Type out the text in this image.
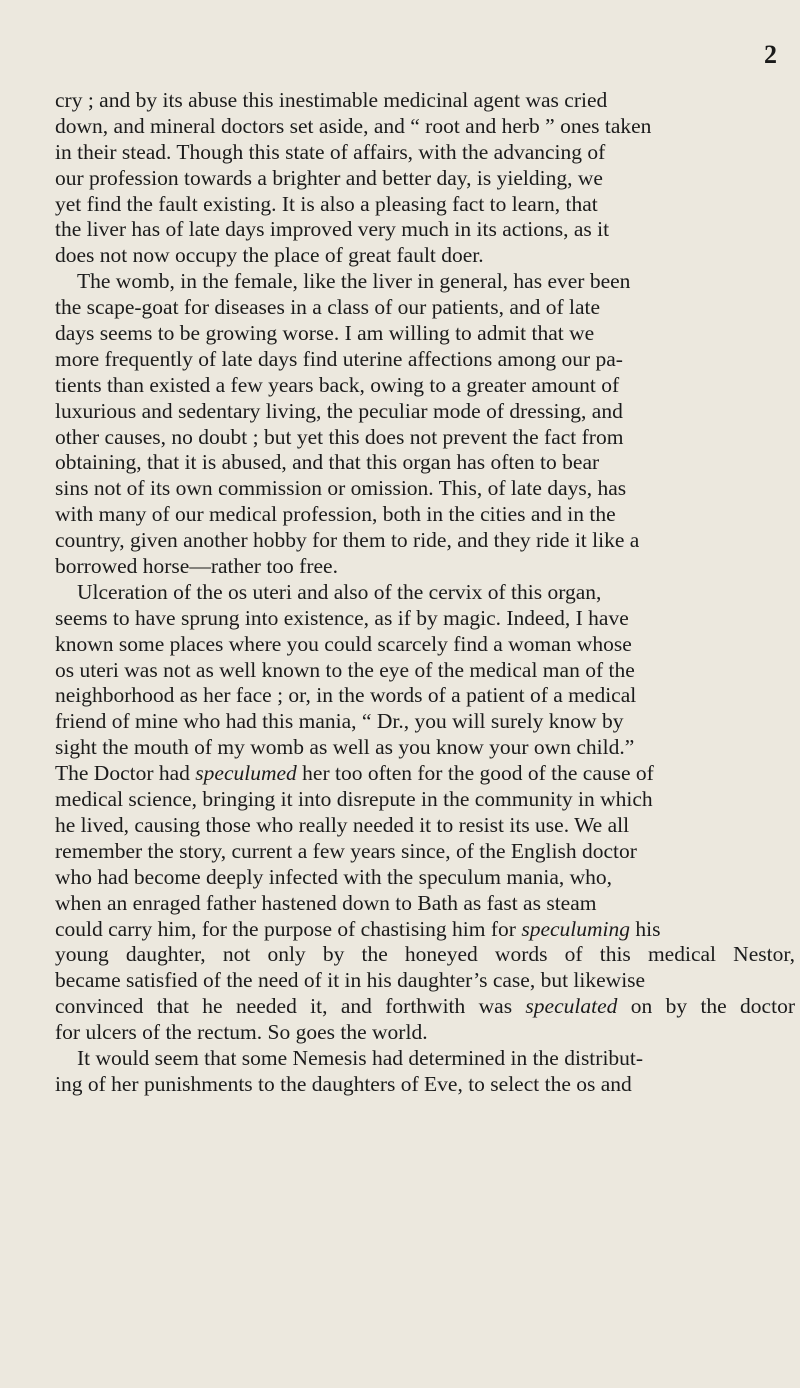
2
cry ; and by its abuse this inestimable medicinal agent was cried
down, and mineral doctors set aside, and “ root and herb ” ones taken
in their stead. Though this state of affairs, with the advancing of
our profession towards a brighter and better day, is yielding, we
yet find the fault existing. It is also a pleasing fact to learn, that
the liver has of late days improved very much in its actions, as it
does not now occupy the place of great fault doer.
The womb, in the female, like the liver in general, has ever been
the scape-goat for diseases in a class of our patients, and of late
days seems to be growing worse. I am willing to admit that we
more frequently of late days find uterine affections among our pa-
tients than existed a few years back, owing to a greater amount of
luxurious and sedentary living, the peculiar mode of dressing, and
other causes, no doubt ; but yet this does not prevent the fact from
obtaining, that it is abused, and that this organ has often to bear
sins not of its own commission or omission. This, of late days, has
with many of our medical profession, both in the cities and in the
country, given another hobby for them to ride, and they ride it like a
borrowed horse—rather too free.
Ulceration of the os uteri and also of the cervix of this organ,
seems to have sprung into existence, as if by magic. Indeed, I have
known some places where you could scarcely find a woman whose
os uteri was not as well known to the eye of the medical man of the
neighborhood as her face ; or, in the words of a patient of a medical
friend of mine who had this mania, “ Dr., you will surely know by
sight the mouth of my womb as well as you know your own child.”
The Doctor had speculumed her too often for the good of the cause of
medical science, bringing it into disrepute in the community in which
he lived, causing those who really needed it to resist its use. We all
remember the story, current a few years since, of the English doctor
who had become deeply infected with the speculum mania, who,
when an enraged father hastened down to Bath as fast as steam
could carry him, for the purpose of chastising him for speculuming his
young daughter, not only by the honeyed words of this medical Nestor,
became satisfied of the need of it in his daughter’s case, but likewise
convinced that he needed it, and forthwith was speculated on by the doctor
for ulcers of the rectum. So goes the world.
It would seem that some Nemesis had determined in the distribut-
ing of her punishments to the daughters of Eve, to select the os and
